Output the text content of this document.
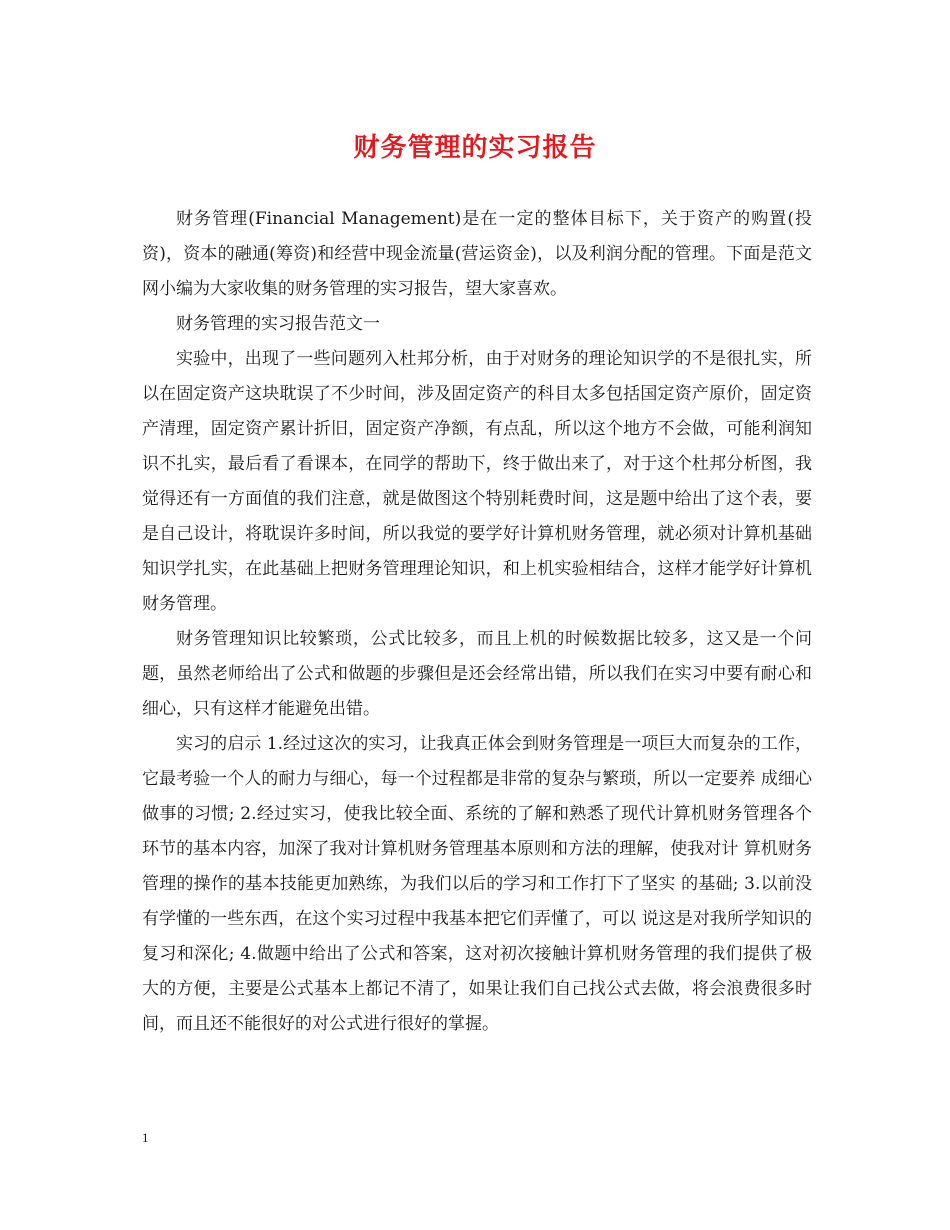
财务管理的实习报告

财务管理(Financial Management)是在一定的整体目标下，关于资产的购置(投资)，资本的融通(筹资)和经营中现金流量(营运资金)，以及利润分配的管理。下面是范文网小编为大家收集的财务管理的实习报告，望大家喜欢。

财务管理的实习报告范文一

实验中，出现了一些问题列入杜邦分析，由于对财务的理论知识学的不是很扎实，所以在固定资产这块耽误了不少时间，涉及固定资产的科目太多包括国定资产原价，固定资产清理，固定资产累计折旧，固定资产净额，有点乱，所以这个地方不会做，可能利润知识不扎实，最后看了看课本，在同学的帮助下，终于做出来了，对于这个杜邦分析图，我觉得还有一方面值的我们注意，就是做图这个特别耗费时间，这是题中给出了这个表，要是自己设计，将耽误许多时间，所以我觉的要学好计算机财务管理，就必须对计算机基础知识学扎实，在此基础上把财务管理理论知识，和上机实验相结合，这样才能学好计算机财务管理。

财务管理知识比较繁琐，公式比较多，而且上机的时候数据比较多，这又是一个问题，虽然老师给出了公式和做题的步骤但是还会经常出错，所以我们在实习中要有耐心和细心，只有这样才能避免出错。

实习的启示 1.经过这次的实习，让我真正体会到财务管理是一项巨大而复杂的工作，它最考验一个人的耐力与细心，每一个过程都是非常的复杂与繁琐，所以一定要养 成细心做事的习惯; 2.经过实习，使我比较全面、系统的了解和熟悉了现代计算机财务管理各个 环节的基本内容，加深了我对计算机财务管理基本原则和方法的理解，使我对计 算机财务管理的操作的基本技能更加熟练，为我们以后的学习和工作打下了坚实 的基础; 3.以前没有学懂的一些东西，在这个实习过程中我基本把它们弄懂了，可以 说这是对我所学知识的复习和深化; 4.做题中给出了公式和答案，这对初次接触计算机财务管理的我们提供了极大的方便，主要是公式基本上都记不清了，如果让我们自己找公式去做，将会浪费很多时间，而且还不能很好的对公式进行很好的掌握。

1
